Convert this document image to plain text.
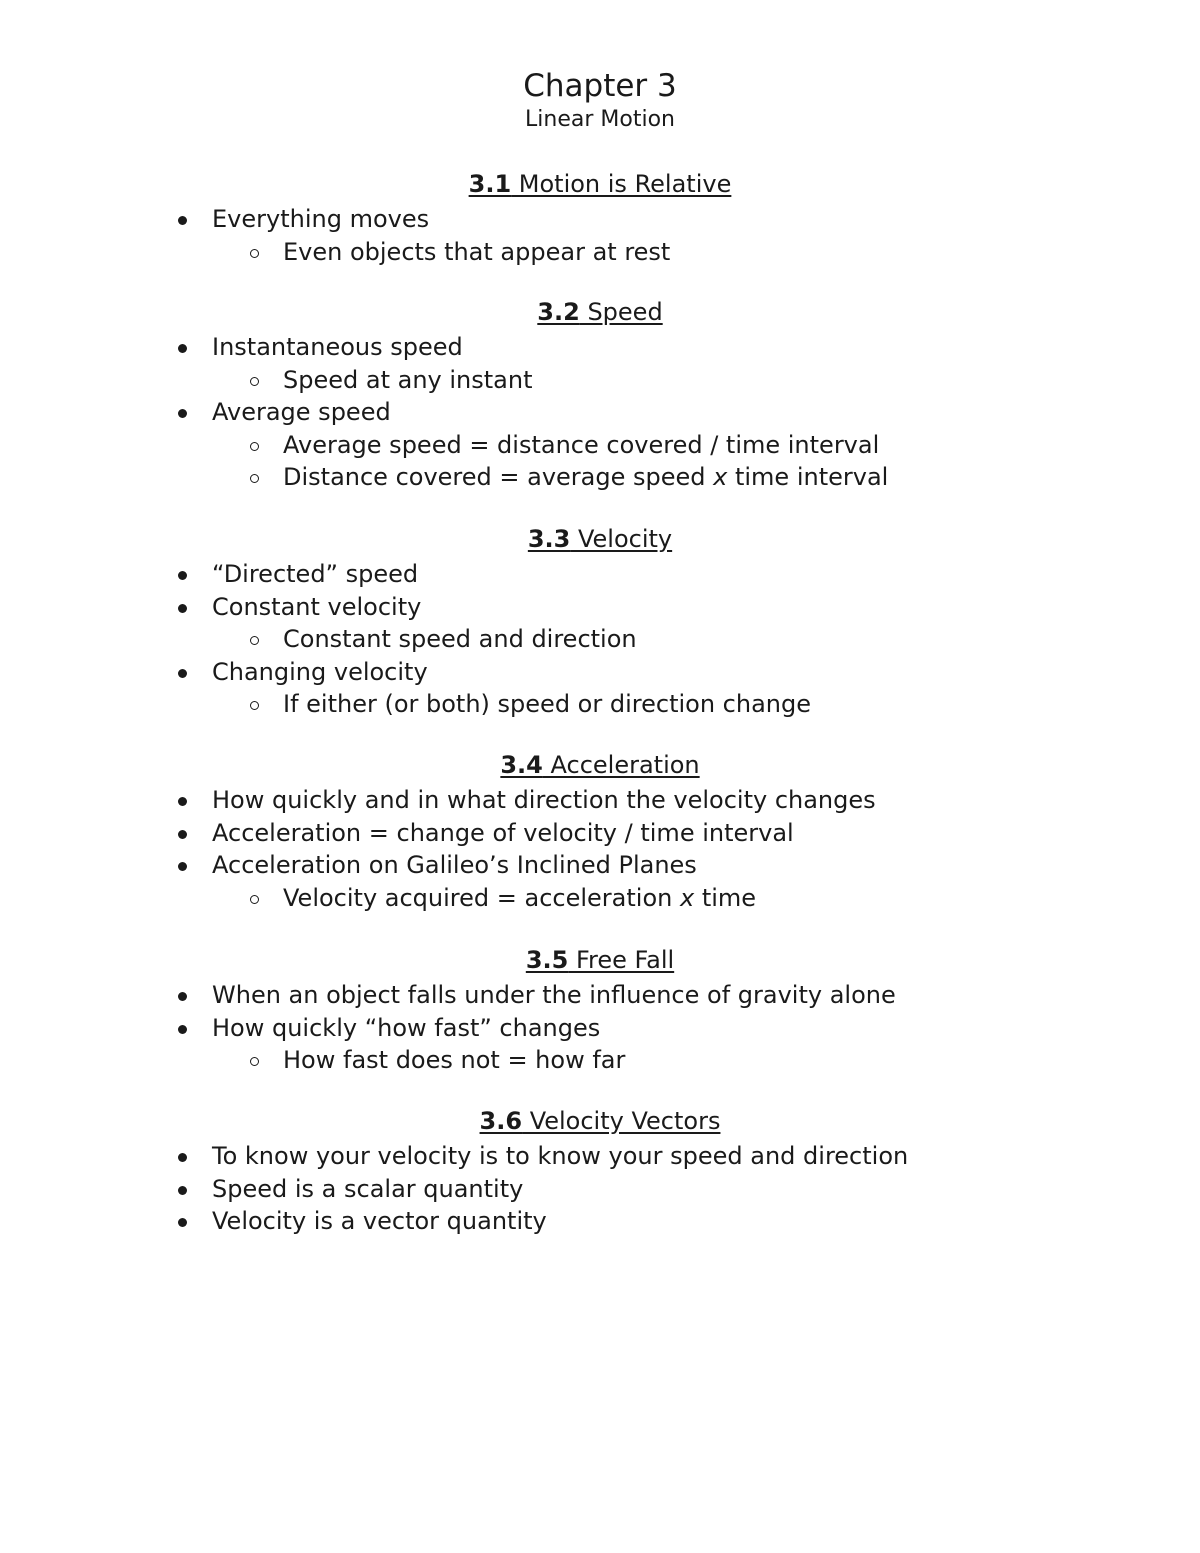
Chapter 3
Linear Motion
3.1 Motion is Relative
Everything moves
Even objects that appear at rest
3.2 Speed
Instantaneous speed
Speed at any instant
Average speed
Average speed = distance covered / time interval
Distance covered = average speed x time interval
3.3 Velocity
“Directed” speed
Constant velocity
Constant speed and direction
Changing velocity
If either (or both) speed or direction change
3.4 Acceleration
How quickly and in what direction the velocity changes
Acceleration = change of velocity / time interval
Acceleration on Galileo’s Inclined Planes
Velocity acquired = acceleration x time
3.5 Free Fall
When an object falls under the influence of gravity alone
How quickly “how fast” changes
How fast does not = how far
3.6 Velocity Vectors
To know your velocity is to know your speed and direction
Speed is a scalar quantity
Velocity is a vector quantity
